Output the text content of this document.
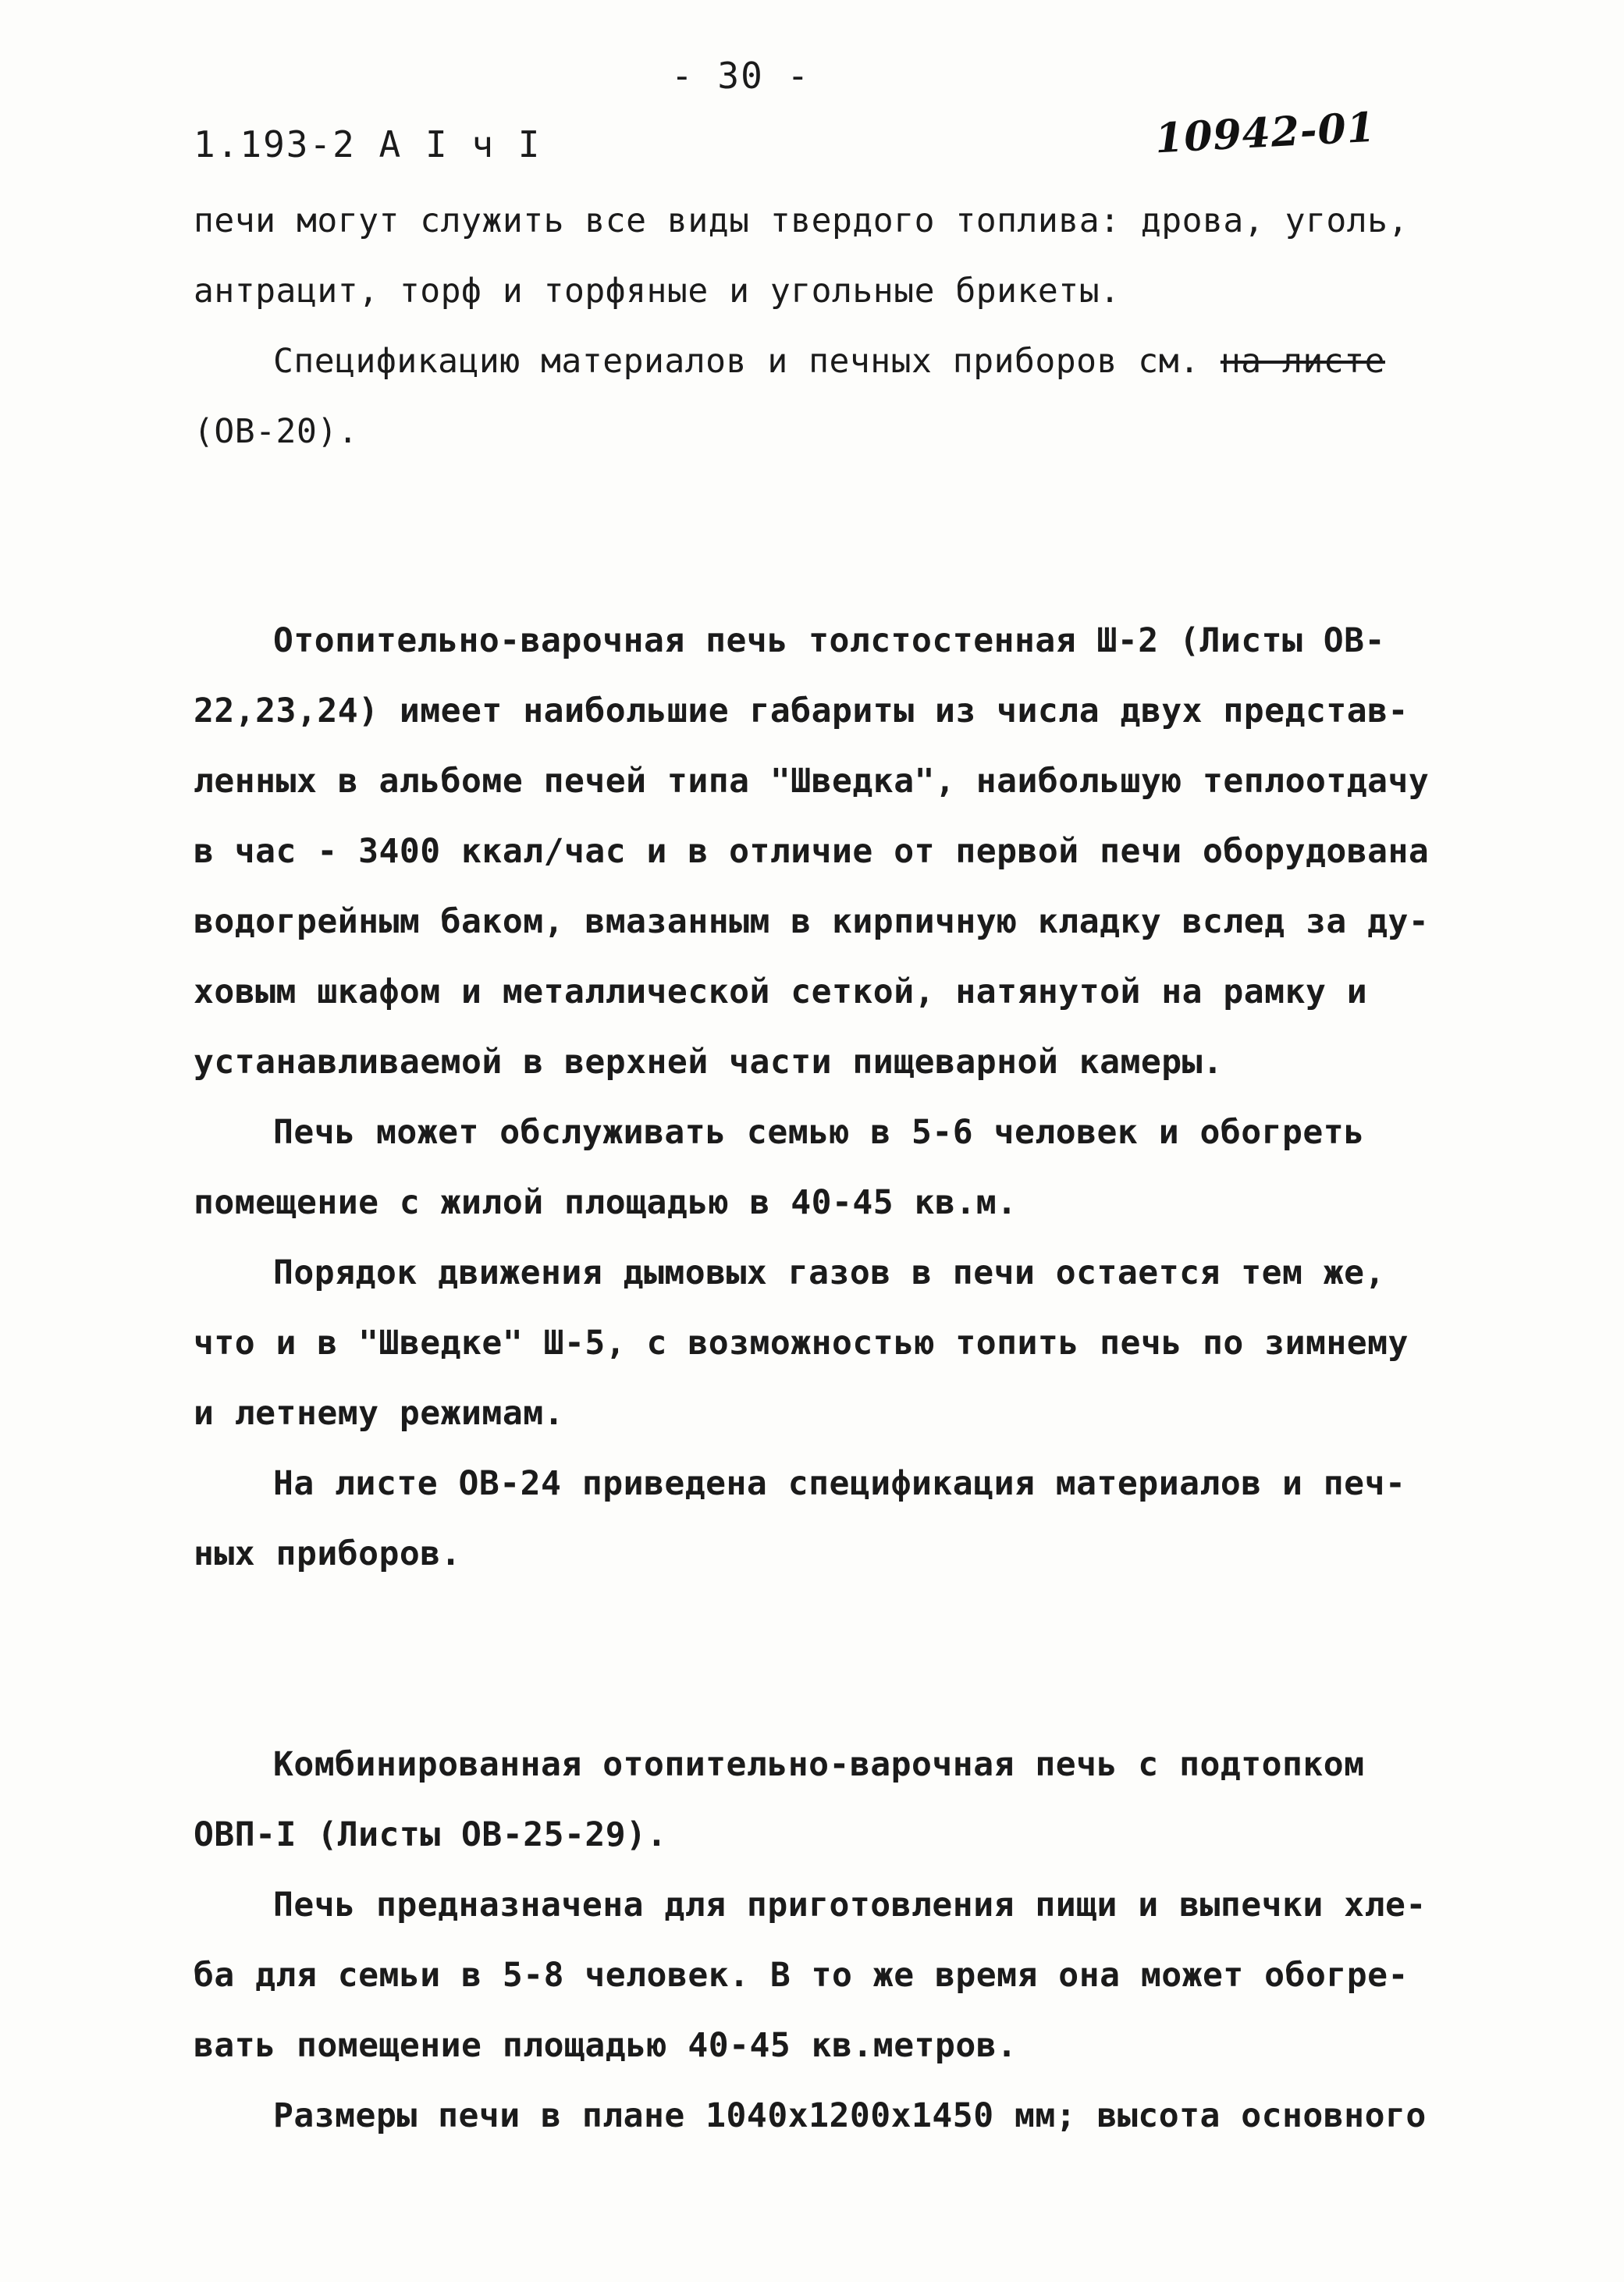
- 30 -
1.193-2 А I ч I	10942-01
печи могут служить все виды твердого топлива: дрова, уголь,
антрацит, торф и торфяные и угольные брикеты.
Спецификацию материалов и печных приборов см. на листе
(ОВ-20).
Отопительно-варочная печь толстостенная Ш-2 (Листы ОВ-
22,23,24) имеет наибольшие габариты из числа двух представ-
ленных в альбоме печей типа "Шведка", наибольшую теплоотдачу
в час - 3400 ккал/час и в отличие от первой печи оборудована
водогрейным баком, вмазанным в кирпичную кладку вслед за ду-
ховым шкафом и металлической сеткой, натянутой на рамку и
устанавливаемой в верхней части пищеварной камеры.
Печь может обслуживать семью в 5-6 человек и обогреть
помещение с жилой площадью в 40-45 кв.м.
Порядок движения дымовых газов в печи остается тем же,
что и в "Шведке" Ш-5, с возможностью топить печь по зимнему
и летнему режимам.
На листе ОВ-24 приведена спецификация материалов и печ-
ных приборов.
Комбинированная отопительно-варочная печь с подтопком
ОВП-I (Листы ОВ-25-29).
Печь предназначена для приготовления пищи и выпечки хле-
ба для семьи в 5-8 человек. В то же время она может обогре-
вать помещение площадью 40-45 кв.метров.
Размеры печи в плане 1040х1200х1450 мм; высота основного
